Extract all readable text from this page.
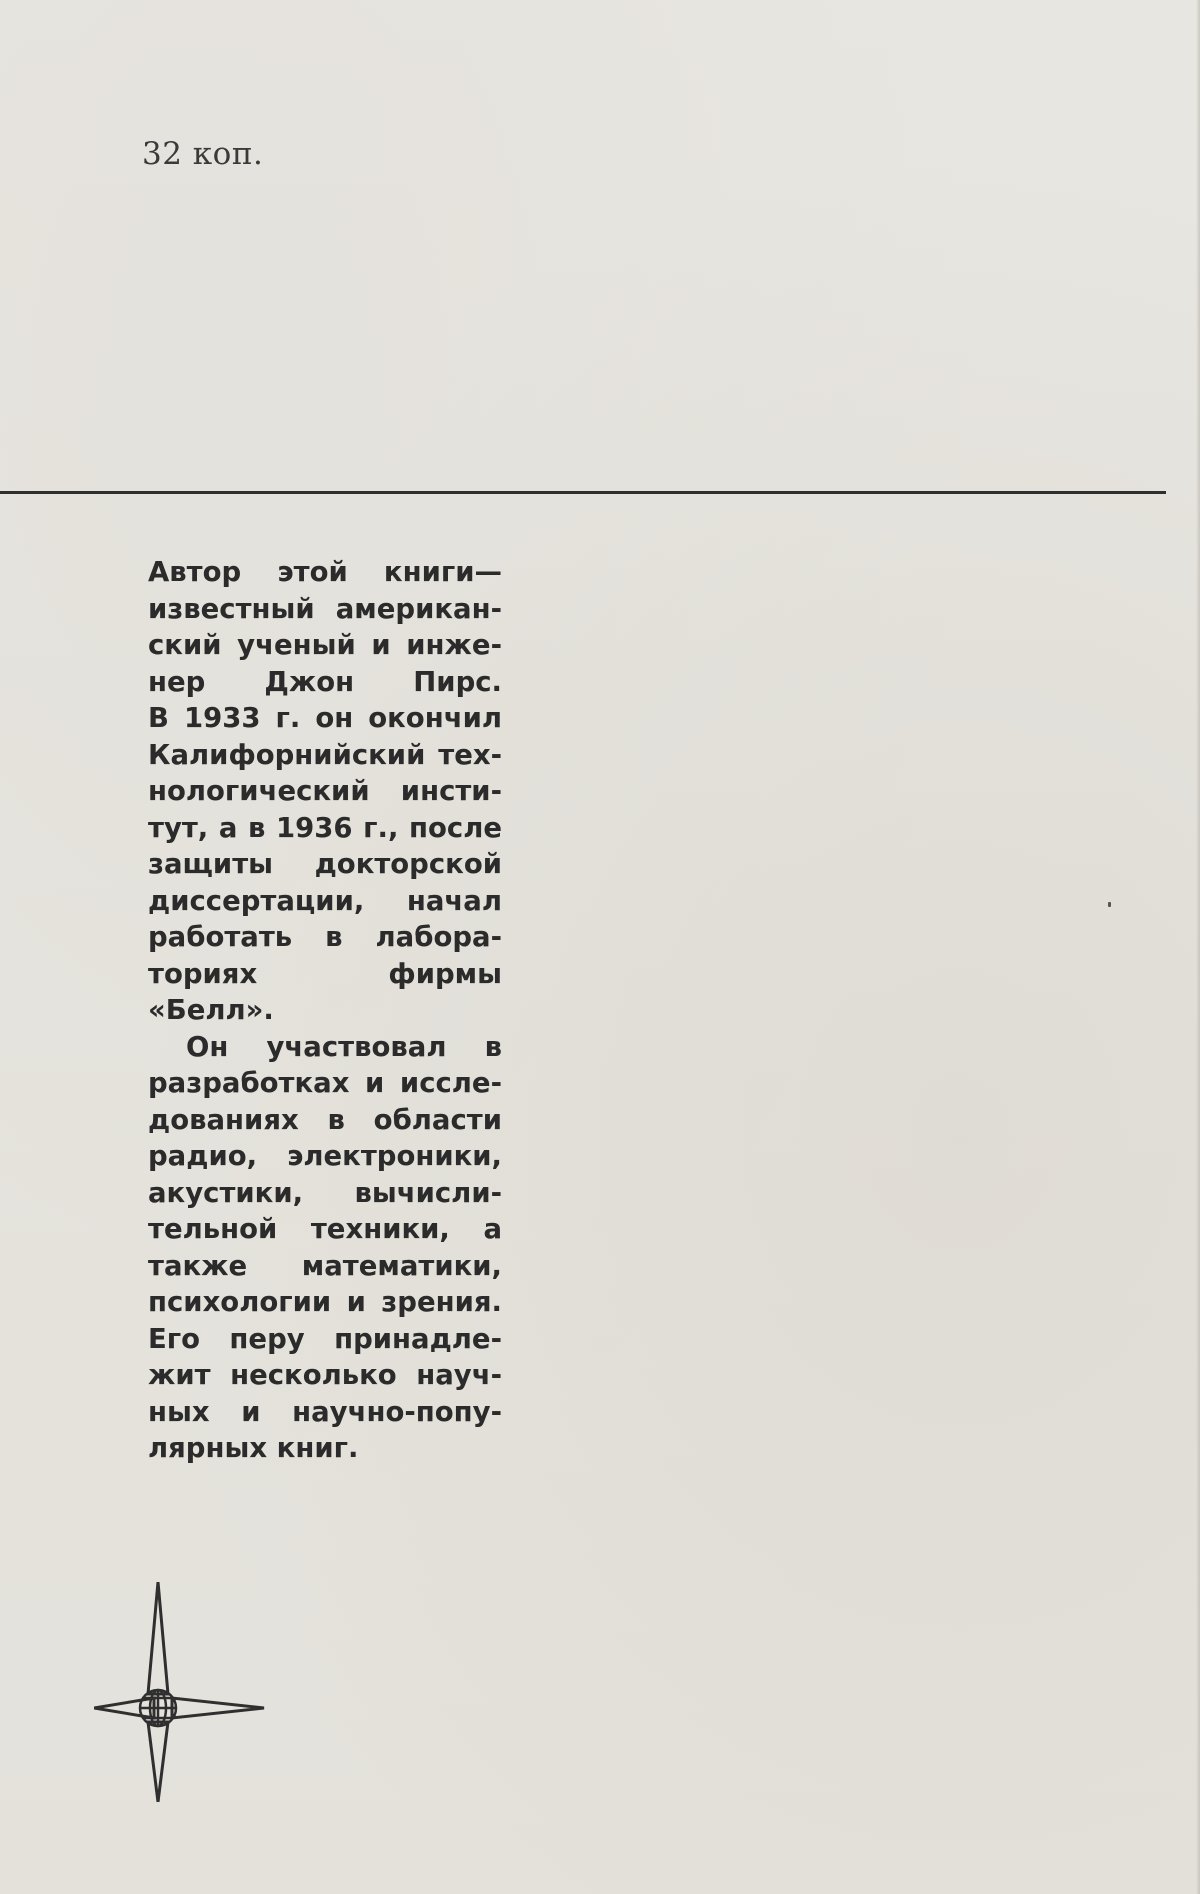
32 коп.
Автор этой книги—
известный американ-
ский ученый и инже-
нер Джон Пирс.
В 1933 г. он окончил
Калифорнийский тех-
нологический инсти-
тут, а в 1936 г., после
защиты докторской
диссертации, начал
работать в лабора-
ториях фирмы
«Белл».
Он участвовал в
разработках и иссле-
дованиях в области
радио, электроники,
акустики, вычисли-
тельной техники, а
также математики,
психологии и зрения.
Его перу принадле-
жит несколько науч-
ных и научно-попу-
лярных книг.
